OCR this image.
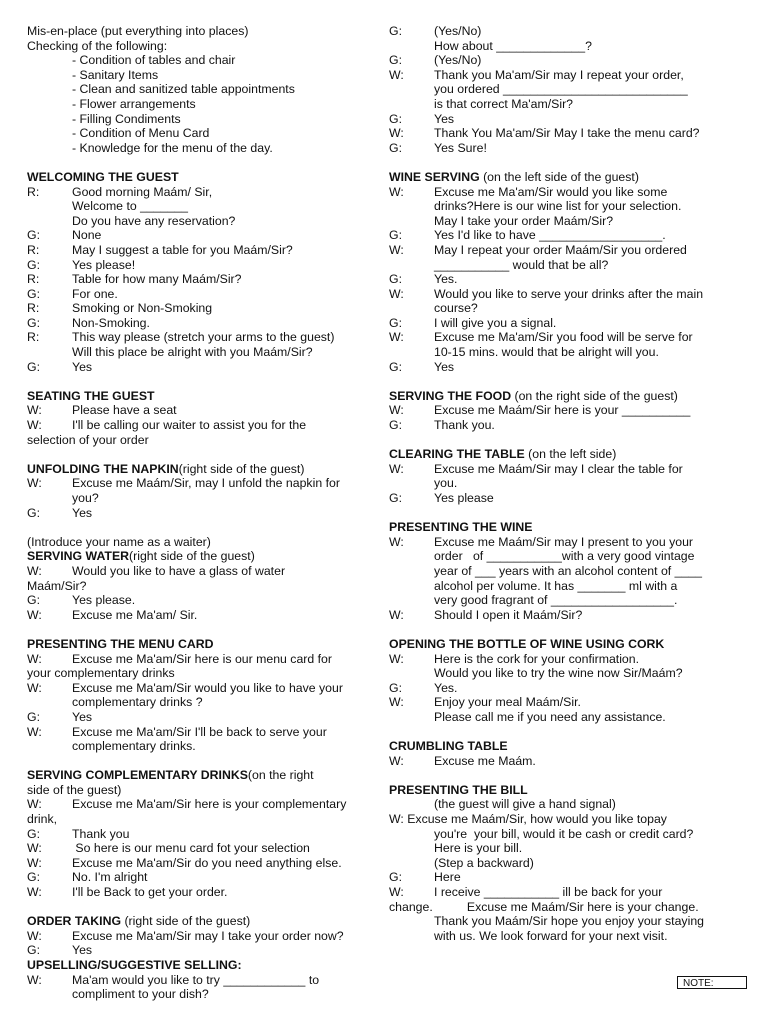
Mis-en-place (put everything into places)
Checking of the following:
- Condition of tables and chair
- Sanitary Items
- Clean and sanitized table appointments
- Flower arrangements
- Filling Condiments
- Condition of Menu Card
- Knowledge for the menu of the day.
WELCOMING THE GUEST
R:	Good morning Maám/ Sir,
Welcome to _______
Do you have any reservation?
G:	None
R:	May I suggest a table for you Maám/Sir?
G:	Yes please!
R:	Table for how many Maám/Sir?
G:	For one.
R:	Smoking or Non-Smoking
G:	Non-Smoking.
R:	This way please (stretch your arms to the guest)
Will this place be alright with you Maám/Sir?
G:	Yes
SEATING THE GUEST
W:	Please have a seat
W:	I'll be calling our waiter to assist you for the
selection of your order
UNFOLDING THE NAPKIN(right side of the guest)
W:	Excuse me Maám/Sir, may I unfold the napkin for
you?
G:	Yes
(Introduce your name as a waiter)
SERVING WATER(right side of the guest)
W:	Would you like to have a glass of water
Maám/Sir?
G:	Yes please.
W:	Excuse me Ma'am/ Sir.
PRESENTING THE MENU CARD
W:	Excuse me Ma'am/Sir here is our menu card for
your complementary drinks
W:	Excuse me Ma'am/Sir would you like to have your
complementary drinks ?
G:	Yes
W:	Excuse me Ma'am/Sir I'll be back to serve your
complementary drinks.
SERVING COMPLEMENTARY DRINKS(on the right
side of the guest)
W:	Excuse me Ma'am/Sir here is your complementary
drink,
G:	Thank you
W:	So here is our menu card fot your selection
W:	Excuse me Ma'am/Sir do you need anything else.
G:	No. I'm alright
W:	I'll be Back to get your order.
ORDER TAKING (right side of the guest)
W:	Excuse me Ma'am/Sir may I take your order now?
G:	Yes
UPSELLING/SUGGESTIVE SELLING:
W:	Ma'am would you like to try ____________ to
compliment to your dish?
G:	(Yes/No)
How about _____________?
G:	(Yes/No)
W:	Thank you Ma'am/Sir may I repeat your order,
you ordered ___________________________
is that correct Ma'am/Sir?
G:	Yes
W:	Thank You Ma'am/Sir May I take the menu card?
G:	Yes Sure!
WINE SERVING (on the left side of the guest)
W:	Excuse me Ma'am/Sir would you like some
drinks?Here is our wine list for your selection.
May I take your order Maám/Sir?
G:	Yes I'd like to have __________________.
W:	May I repeat your order Maám/Sir you ordered
___________ would that be all?
G:	Yes.
W:	Would you like to serve your drinks after the main
course?
G:	I will give you a signal.
W:	Excuse me Ma'am/Sir you food will be serve for
10-15 mins. would that be alright will you.
G:	Yes
SERVING THE FOOD (on the right side of the guest)
W:	Excuse me Maám/Sir here is your __________
G:	Thank you.
CLEARING THE TABLE (on the left side)
W:	Excuse me Maám/Sir may I clear the table for
you.
G:	Yes please
PRESENTING THE WINE
W:	Excuse me Maám/Sir may I present to you your
order   of ___________with a very good vintage
year of ___ years with an alcohol content of ____
alcohol per volume. It has _______ ml with a
very good fragrant of __________________.
W:	Should I open it Maám/Sir?
OPENING THE BOTTLE OF WINE USING CORK
W:	Here is the cork for your confirmation.
Would you like to try the wine now Sir/Maám?
G:	Yes.
W:	Enjoy your meal Maám/Sir.
Please call me if you need any assistance.
CRUMBLING TABLE
W:	Excuse me Maám.
PRESENTING THE BILL
(the guest will give a hand signal)
W: Excuse me Maám/Sir, how would you like topay
you're  your bill, would it be cash or credit card?
Here is your bill.
(Step a backward)
G:	Here
W:	I receive ___________ ill be back for your
change.          Excuse me Maám/Sir here is your change.
Thank you Maám/Sir hope you enjoy your staying
with us. We look forward for your next visit.
NOTE:
